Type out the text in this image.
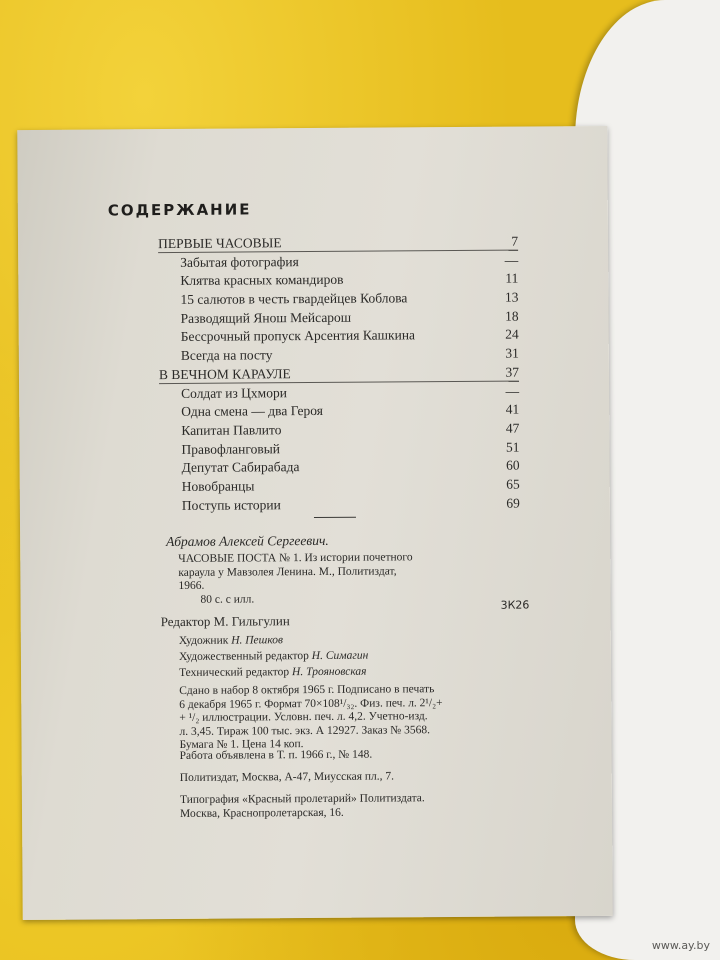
СОДЕРЖАНИЕ
ПЕРВЫЕ ЧАСОВЫЕ	7
Забытая фотография	—
Клятва красных командиров	11
15 салютов в честь гвардейцев Коблова	13
Разводящий Янош Мейсарош	18
Бессрочный пропуск Арсентия Кашкина	24
Всегда на посту	31
В ВЕЧНОМ КАРАУЛЕ	37
Солдат из Цхмори	—
Одна смена — два Героя	41
Капитан Павлито	47
Правофланговый	51
Депутат Сабирабада	60
Новобранцы	65
Поступь истории	69
Абрамов Алексей Сергеевич.
ЧАСОВЫЕ ПОСТА № 1. Из истории почетного
караула у Мавзолея Ленина. М., Политиздат,
1966.
80 с. с илл.	3К26
Редактор М. Гильгулин
Художник Н. Пешков
Художественный редактор Н. Симагин
Технический редактор Н. Трояновская
Сдано в набор 8 октября 1965 г. Подписано в печать
6 декабря 1965 г. Формат 70×108¹/₃₂. Физ. печ. л. 2¹/₂+
+ ¹/₂ иллюстрации. Условн. печ. л. 4,2. Учетно-изд.
л. 3,45. Тираж 100 тыс. экз. А 12927. Заказ № 3568.
Бумага № 1. Цена 14 коп.
Работа объявлена в Т. п. 1966 г., № 148.
Политиздат, Москва, А-47, Миусская пл., 7.
Типография «Красный пролетарий» Политиздата.
Москва, Краснопролетарская, 16.
www.ay.by
